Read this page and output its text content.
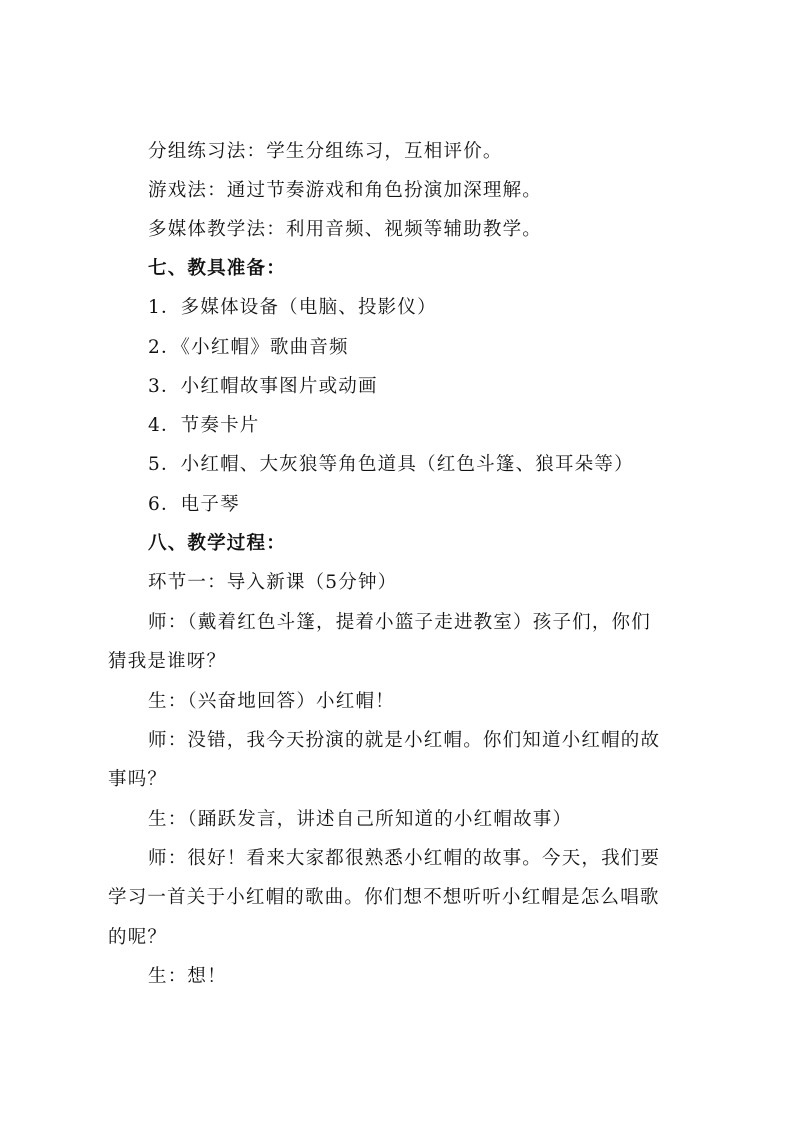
分组练习法：学生分组练习，互相评价。
游戏法：通过节奏游戏和角色扮演加深理解。
多媒体教学法：利用音频、视频等辅助教学。
七、教具准备：
1．多媒体设备（电脑、投影仪）
2．《小红帽》歌曲音频
3．小红帽故事图片或动画
4．节奏卡片
5．小红帽、大灰狼等角色道具（红色斗篷、狼耳朵等）
6．电子琴
八、教学过程：
环节一：导入新课（5分钟）
师：（戴着红色斗篷，提着小篮子走进教室）孩子们，你们
猜我是谁呀？
生：（兴奋地回答）小红帽！
师：没错，我今天扮演的就是小红帽。你们知道小红帽的故
事吗？
生：（踊跃发言，讲述自己所知道的小红帽故事）
师：很好！看来大家都很熟悉小红帽的故事。今天，我们要
学习一首关于小红帽的歌曲。你们想不想听听小红帽是怎么唱歌
的呢？
生：想！
